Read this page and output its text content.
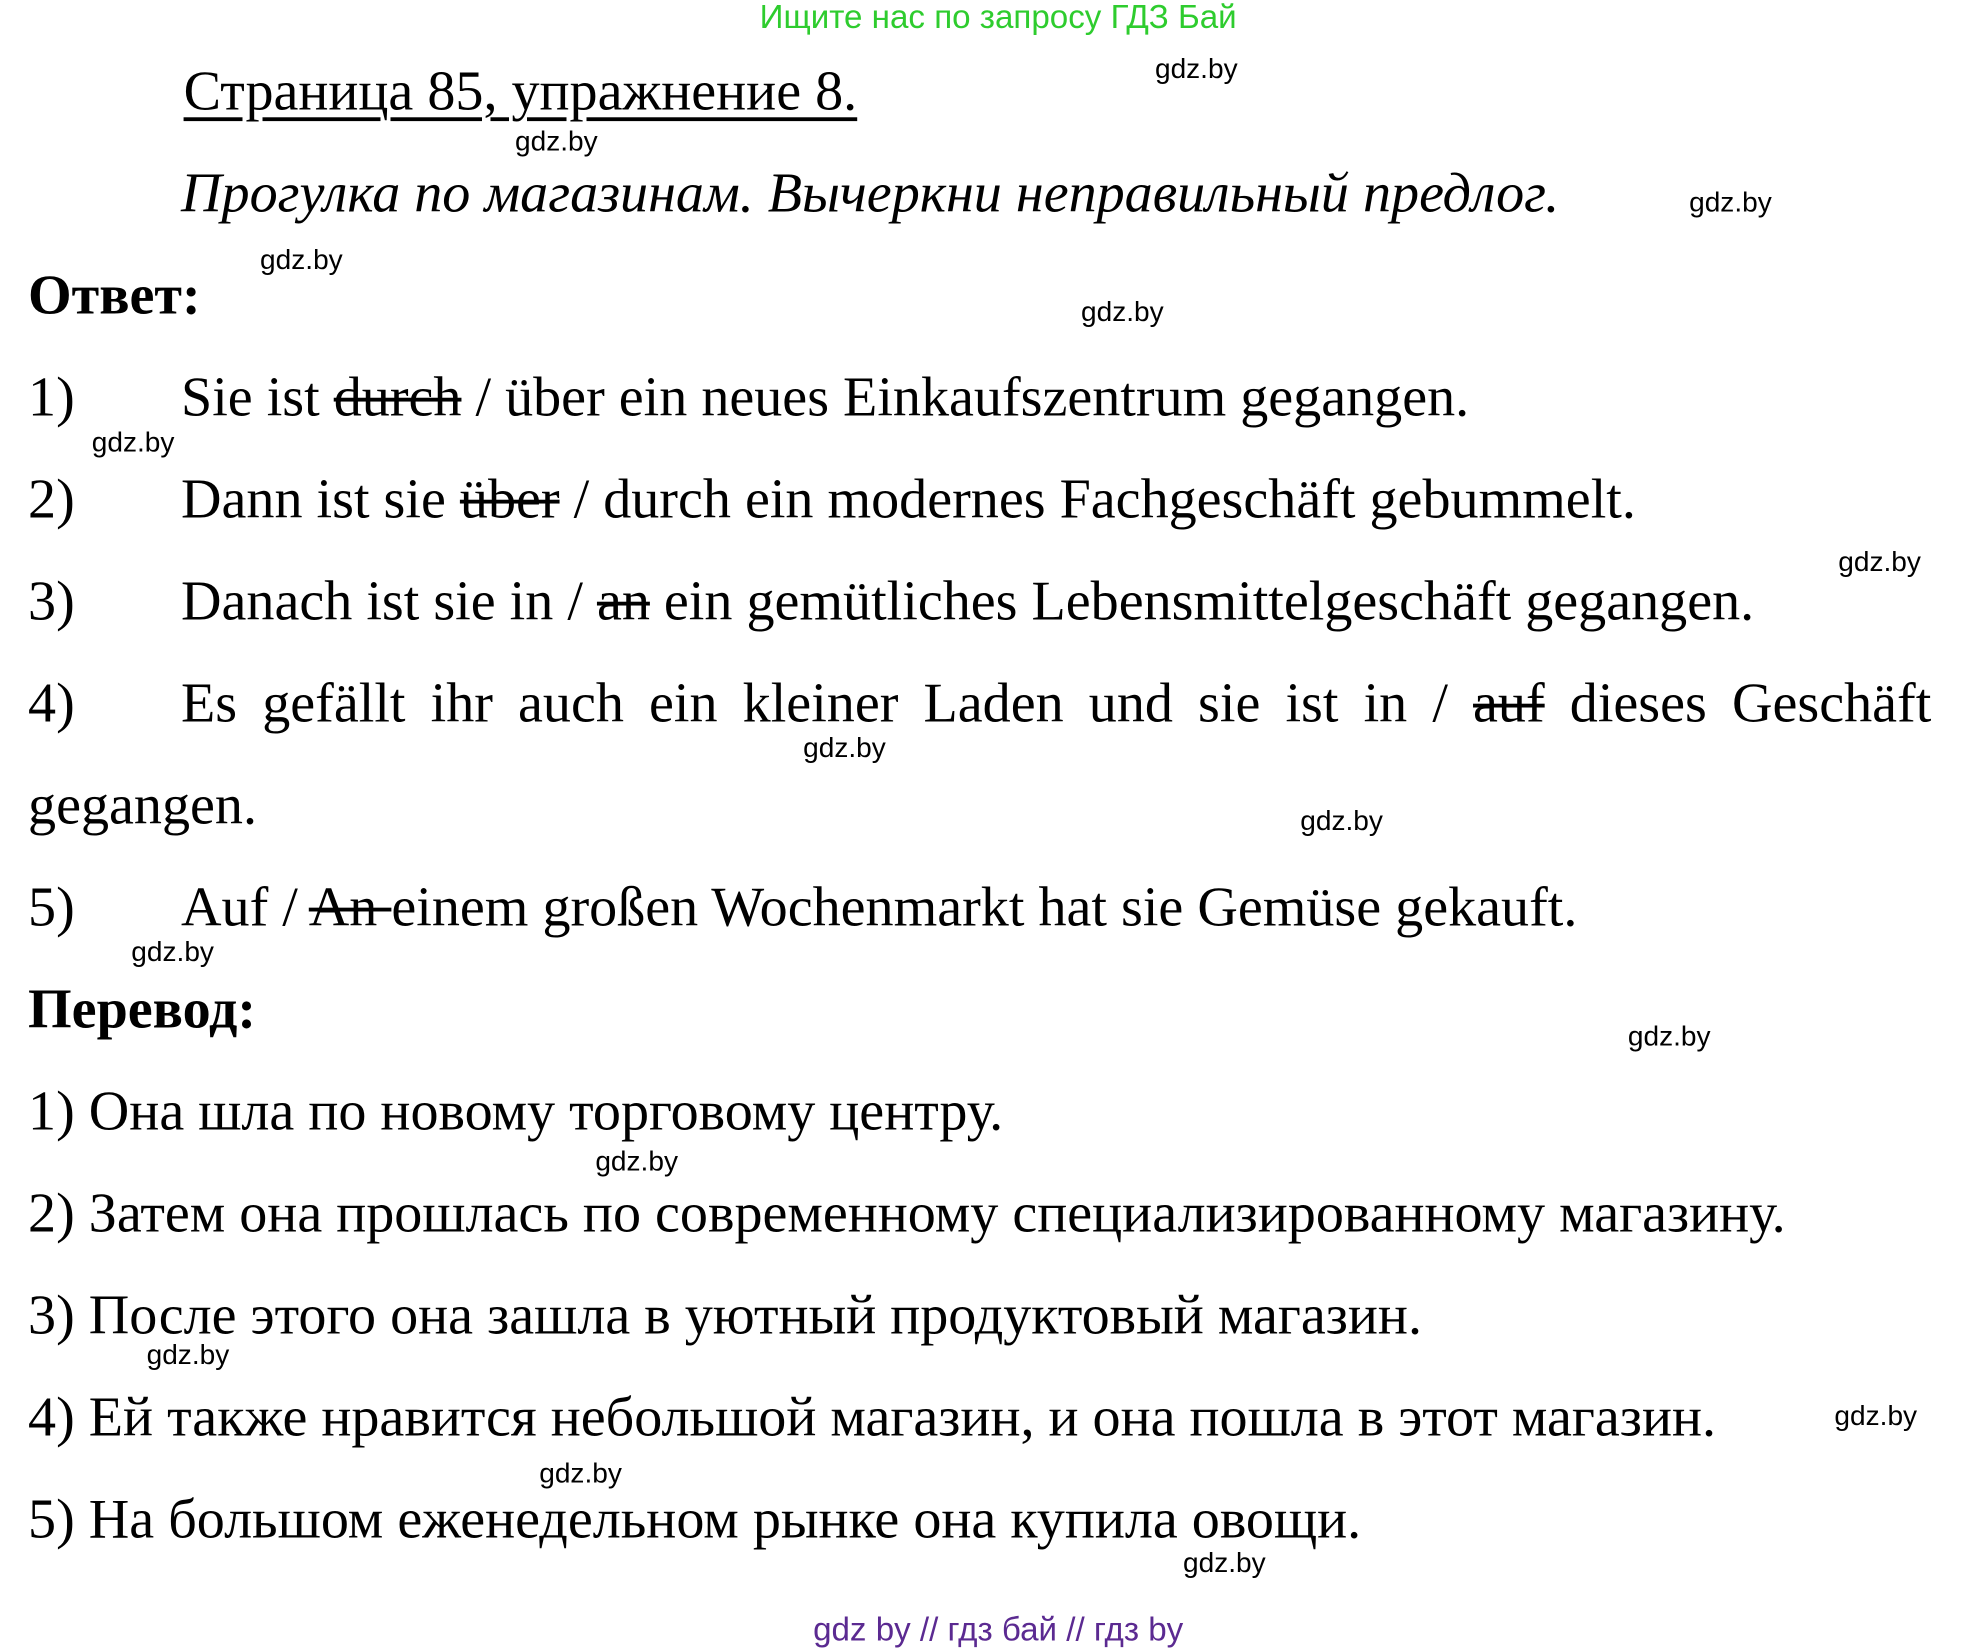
Ищите нас по запросу ГДЗ Бай
Страница 85, упражнение 8.
Прогулка по магазинам. Вычеркни неправильный предлог.
Ответ:
1) Sie ist durch / über ein neues Einkaufszentrum gegangen.
2) Dann ist sie über / durch ein modernes Fachgeschäft gebummelt.
3) Danach ist sie in / an ein gemütliches Lebensmittelgeschäft gegangen.
4) Es gefällt ihr auch ein kleiner Laden und sie ist in / auf dieses Geschäft
gegangen.
5) Auf / An einem großen Wochenmarkt hat sie Gemüse gekauft.
Перевод:
1) Она шла по новому торговому центру.
2) Затем она прошлась по современному специализированному магазину.
3) После этого она зашла в уютный продуктовый магазин.
4) Ей также нравится небольшой магазин, и она пошла в этот магазин.
5) На большом еженедельном рынке она купила овощи.
gdz.by
gdz.by
gdz.by
gdz.by
gdz.by
gdz.by
gdz.by
gdz.by
gdz.by
gdz.by
gdz.by
gdz.by
gdz.by
gdz.by
gdz.by
gdz.by
gdz by // гдз бай // гдз by
